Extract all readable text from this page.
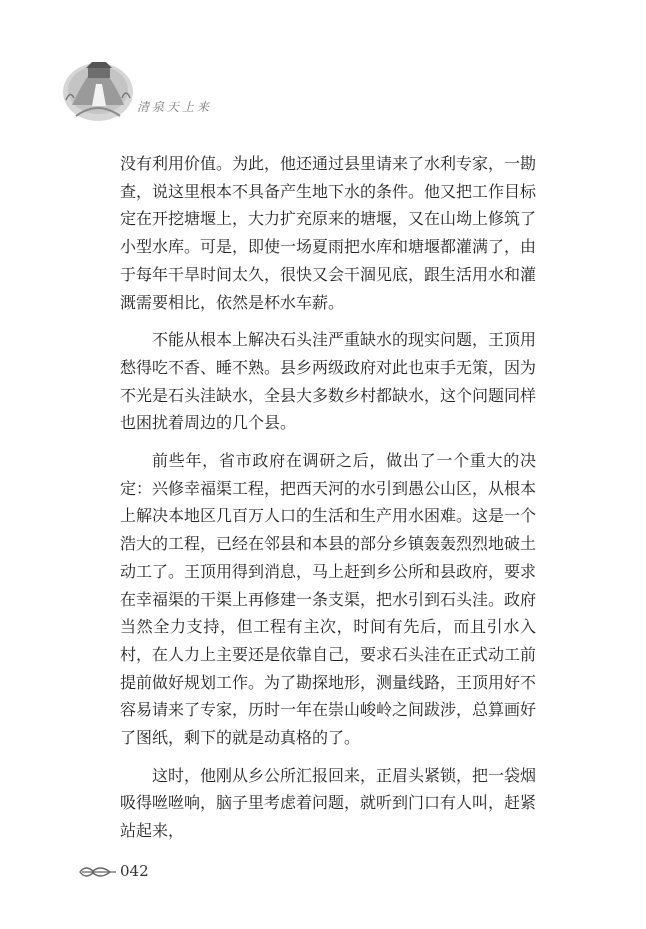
清泉天上来

没有利用价值。为此，他还通过县里请来了水利专家，一勘查，说这里根本不具备产生地下水的条件。他又把工作目标定在开挖塘堰上，大力扩充原来的塘堰，又在山坳上修筑了小型水库。可是，即使一场夏雨把水库和塘堰都灌满了，由于每年干旱时间太久，很快又会干涸见底，跟生活用水和灌溉需要相比，依然是杯水车薪。

不能从根本上解决石头洼严重缺水的现实问题，王顶用愁得吃不香、睡不熟。县乡两级政府对此也束手无策，因为不光是石头洼缺水，全县大多数乡村都缺水，这个问题同样也困扰着周边的几个县。

前些年，省市政府在调研之后，做出了一个重大的决定：兴修幸福渠工程，把西天河的水引到愚公山区，从根本上解决本地区几百万人口的生活和生产用水困难。这是一个浩大的工程，已经在邻县和本县的部分乡镇轰轰烈烈地破土动工了。王顶用得到消息，马上赶到乡公所和县政府，要求在幸福渠的干渠上再修建一条支渠，把水引到石头洼。政府当然全力支持，但工程有主次，时间有先后，而且引水入村，在人力上主要还是依靠自己，要求石头洼在正式动工前提前做好规划工作。为了勘探地形，测量线路，王顶用好不容易请来了专家，历时一年在崇山峻岭之间跋涉，总算画好了图纸，剩下的就是动真格的了。

这时，他刚从乡公所汇报回来，正眉头紧锁，把一袋烟吸得咝咝响，脑子里考虑着问题，就听到门口有人叫，赶紧站起来，

042
